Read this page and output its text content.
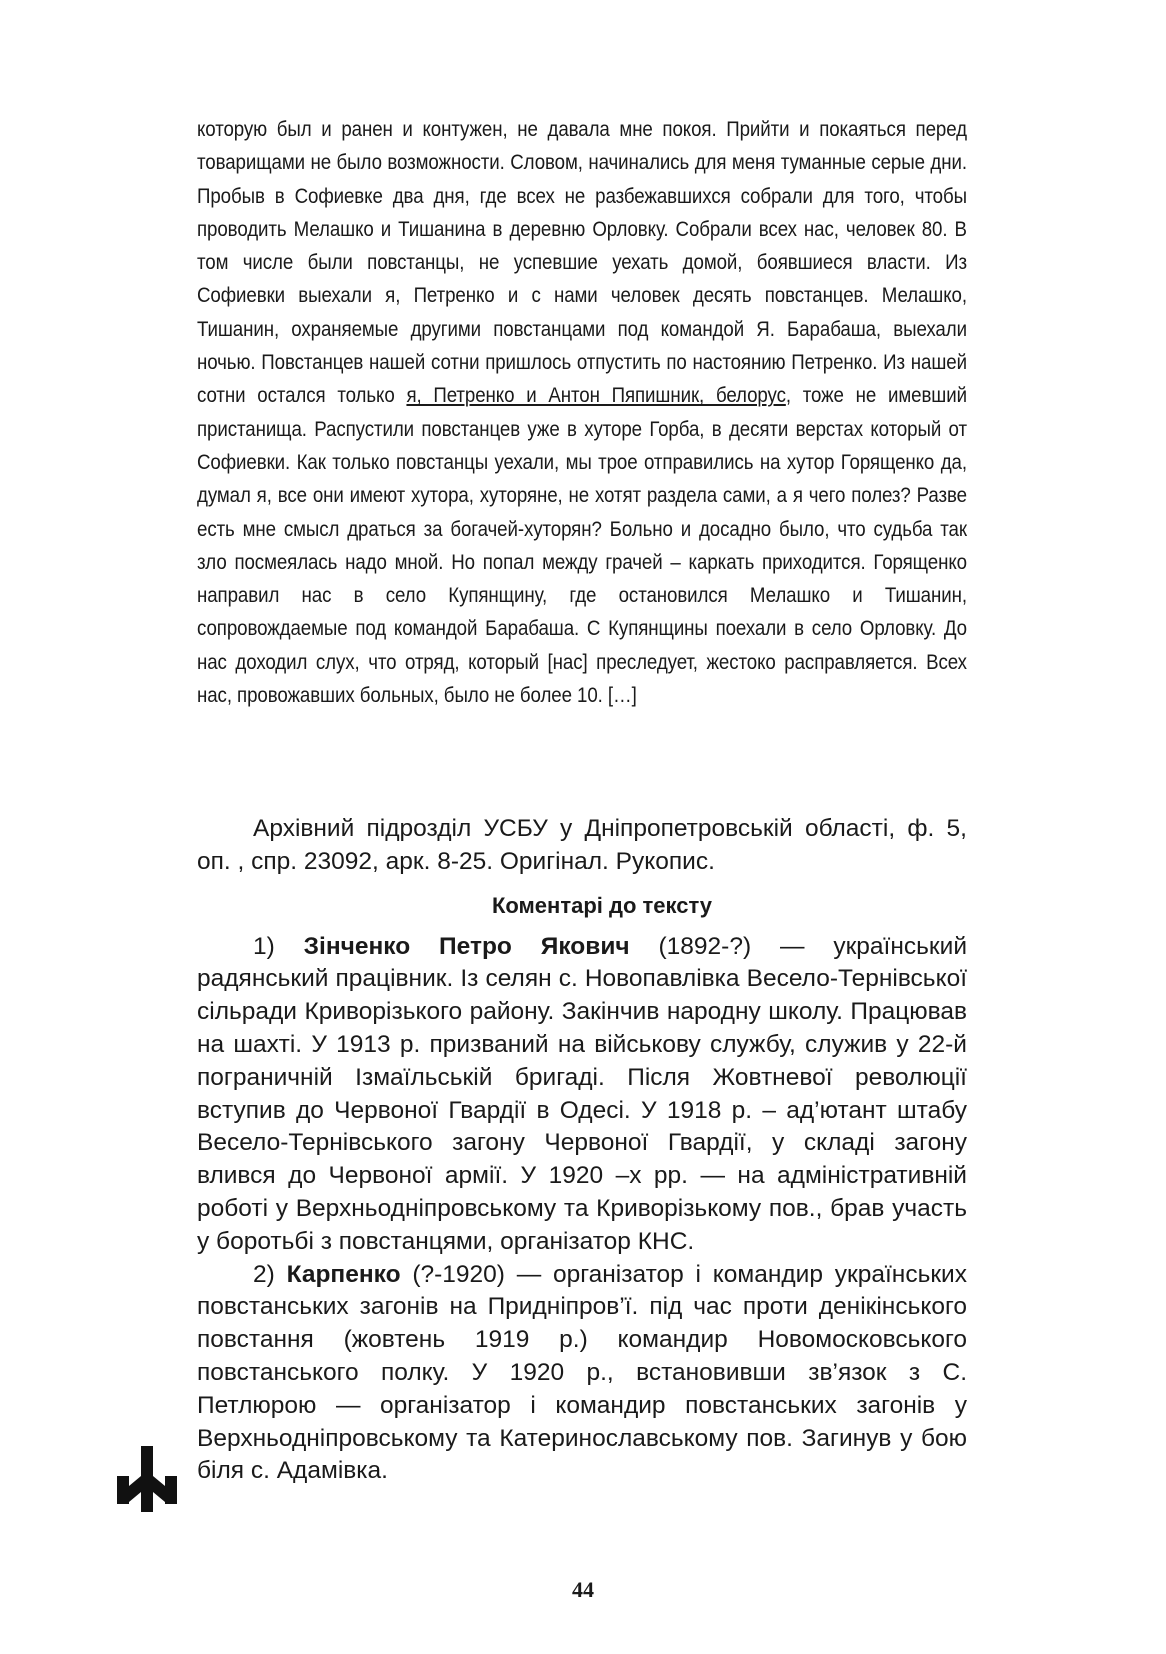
которую был и ранен и контужен, не давала мне покоя. Прийти и покаяться перед товарищами не было возможности. Словом, начинались для меня туманные серые дни. Пробыв в Софиевке два дня, где всех не разбежавшихся собрали для того, чтобы проводить Мелашко и Тишанина в деревню Орловку. Собрали всех нас, человек 80. В том числе были повстанцы, не успевшие уехать домой, боявшиеся власти. Из Софиевки выехали я, Петренко и с нами человек десять повстанцев. Мелашко, Тишанин, охраняемые другими повстанцами под командой Я. Барабаша, выехали ночью. Повстанцев нашей сотни пришлось отпустить по настоянию Петренко. Из нашей сотни остался только я, Петренко и Антон Пяпишник, белорус, тоже не имевший пристанища. Распустили повстанцев уже в хуторе Горба, в десяти верстах который от Софиевки. Как только повстанцы уехали, мы трое отправились на хутор Горященко да, думал я, все они имеют хутора, хуторяне, не хотят раздела сами, а я чего полез? Разве есть мне смысл драться за богачей-хуторян? Больно и досадно было, что судьба так зло посмеялась надо мной. Но попал между грачей – каркать приходится. Горященко направил нас в село Купянщину, где остановился Мелашко и Тишанин, сопровождаемые под командой Барабаша. С Купянщины поехали в село Орловку. До нас доходил слух, что отряд, который [нас] преследует, жестоко расправляется. Всех нас, провожавших больных, было не более 10. […]

Архівний підрозділ УСБУ у Дніпропетровській області, ф. 5, оп. , спр. 23092, арк. 8-25. Оригінал. Рукопис.

Коментарі до тексту

1) Зінченко Петро Якович (1892-?) — український радянський працівник. Із селян с. Новопавлівка Весело-Тернівської сільради Криворізького району. Закінчив народну школу. Працював на шахті. У 1913 р. призваний на військову службу, служив у 22-й пограничній Ізмаїльській бригаді. Після Жовтневої революції вступив до Червоної Гвардії в Одесі. У 1918 р. – ад’ютант штабу Весело-Тернівського загону Червоної Гвардії, у складі загону влився до Червоної армії. У 1920 –х рр. — на адміністративній роботі у Верхньодніпровському та Криворізькому пов., брав участь у боротьбі з повстанцями, організатор КНС.

2) Карпенко (?-1920) — організатор і командир українських повстанських загонів на Придніпров’ї. під час проти денікінського повстання (жовтень 1919 р.) командир Новомосковського повстанського полку. У 1920 р., встановивши зв’язок з С. Петлюрою — організатор і командир повстанських загонів у Верхньодніпровському та Катеринославському пов. Загинув у бою біля с. Адамівка.

44
